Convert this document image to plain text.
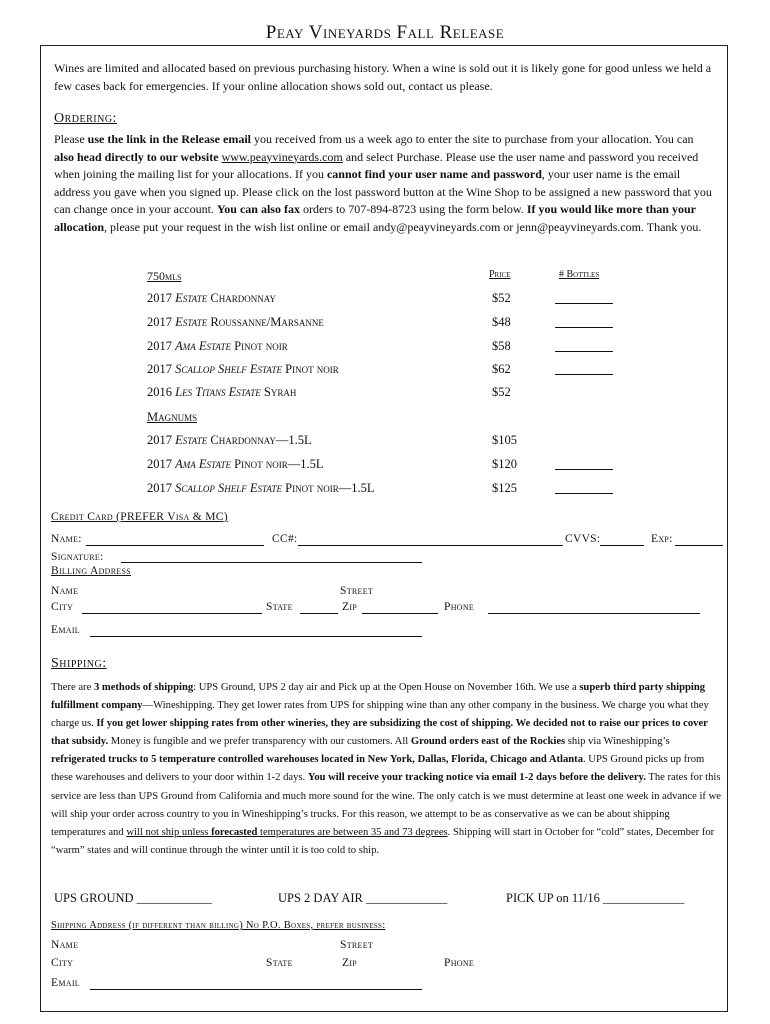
Peay Vineyards Fall Release
Wines are limited and allocated based on previous purchasing history. When a wine is sold out it is likely gone for good unless we held a few cases back for emergencies. If your online allocation shows sold out, contact us please.
Ordering:
Please use the link in the Release email you received from us a week ago to enter the site to purchase from your allocation. You can also head directly to our website www.peayvineyards.com and select Purchase. Please use the user name and password you received when joining the mailing list for your allocations. If you cannot find your user name and password, your user name is the email address you gave when you signed up. Please click on the lost password button at the Wine Shop to be assigned a new password that you can change once in your account. You can also fax orders to 707-894-8723 using the form below. If you would like more than your allocation, please put your request in the wish list online or email andy@peayvineyards.com or jenn@peayvineyards.com. Thank you.
750mls	Price	# Bottles
2017 Estate Chardonnay	$52
2017 Estate Roussanne/Marsanne	$48
2017 Ama Estate Pinot noir	$58
2017 Scallop Shelf Estate Pinot noir	$62
2016 Les Titans Estate Syrah	$52
Magnums
2017 Estate Chardonnay—1.5L	$105
2017 Ama Estate Pinot noir—1.5L	$120
2017 Scallop Shelf Estate Pinot noir—1.5L	$125
Credit Card (PREFER Visa & MC)
Name:	CC#:	CVVS:	Exp:
Signature:
Billing Address
Name	Street
City	State	Zip	Phone
Email
Shipping:
There are 3 methods of shipping: UPS Ground, UPS 2 day air and Pick up at the Open House on November 16th. We use a superb third party shipping fulfillment company—Wineshipping. They get lower rates from UPS for shipping wine than any other company in the business. We charge you what they charge us. If you get lower shipping rates from other wineries, they are subsidizing the cost of shipping. We decided not to raise our prices to cover that subsidy. Money is fungible and we prefer transparency with our customers. All Ground orders east of the Rockies ship via Wineshipping’s refrigerated trucks to 5 temperature controlled warehouses located in New York, Dallas, Florida, Chicago and Atlanta. UPS Ground picks up from these warehouses and delivers to your door within 1-2 days. You will receive your tracking notice via email 1-2 days before the delivery. The rates for this service are less than UPS Ground from California and much more sound for the wine. The only catch is we must determine at least one week in advance if we will ship your order across country to you in Wineshipping’s trucks. For this reason, we attempt to be as conservative as we can be about shipping temperatures and will not ship unless forecasted temperatures are between 35 and 73 degrees. Shipping will start in October for “cold” states, December for “warm” states and will continue through the winter until it is too cold to ship.
UPS GROUND ____________	UPS 2 DAY AIR _____________	PICK UP on 11/16 _____________
Shipping Address (if different than billing) No P.O. Boxes, prefer business:
Name	Street
City	State	Zip	Phone
Email
